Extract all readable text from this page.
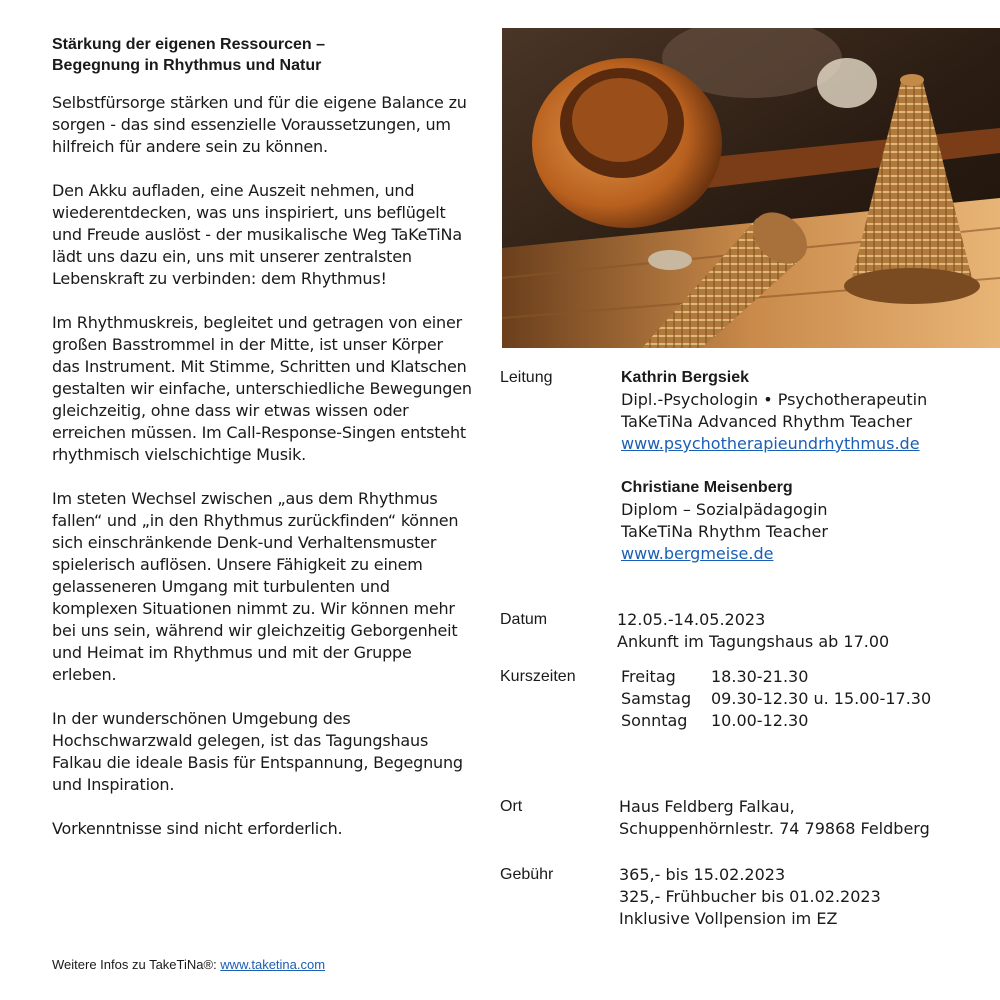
Stärkung der eigenen Ressourcen –
Begegnung in Rhythmus und Natur

Selbstfürsorge stärken und für die eigene Balance zu sorgen - das sind essenzielle Voraussetzungen, um hilfreich für andere sein zu können.

Den Akku aufladen, eine Auszeit nehmen, und wiederentdecken, was uns inspiriert, uns beflügelt und Freude auslöst - der musikalische Weg TaKeTiNa lädt uns dazu ein, uns mit unserer zentralsten Lebenskraft zu verbinden: dem Rhythmus!

Im Rhythmuskreis, begleitet und getragen von einer großen Basstrommel in der Mitte, ist unser Körper das Instrument. Mit Stimme, Schritten und Klatschen gestalten wir einfache, unterschiedliche Bewegungen gleichzeitig, ohne dass wir etwas wissen oder erreichen müssen. Im Call-Response-Singen entsteht rhythmisch vielschichtige Musik.

Im steten Wechsel zwischen „aus dem Rhythmus fallen“ und „in den Rhythmus zurückfinden“ können sich einschränkende Denk-und Verhaltensmuster spielerisch auflösen. Unsere Fähigkeit zu einem gelasseneren Umgang mit turbulenten und komplexen Situationen nimmt zu. Wir können mehr bei uns sein, während wir gleichzeitig Geborgenheit und Heimat im Rhythmus und mit der Gruppe erleben.

In der wunderschönen Umgebung des Hochschwarzwald gelegen, ist das Tagungshaus Falkau die ideale Basis für Entspannung, Begegnung und Inspiration.

Vorkenntnisse sind nicht erforderlich.

Weitere Infos zu TakeTiNa®: www.taketina.com
Leitung	Kathrin Bergsiek
Dipl.-Psychologin • Psychotherapeutin
TaKeTiNa Advanced Rhythm Teacher
www.psychotherapieundrhythmus.de
Christiane Meisenberg
Diplom – Sozialpädagogin
TaKeTiNa Rhythm Teacher
www.bergmeise.de
Datum	12.05.-14.05.2023
Ankunft im Tagungshaus ab 17.00
Kurszeiten	Freitag	18.30-21.30
Samstag	09.30-12.30 u. 15.00-17.30
Sonntag	10.00-12.30
Ort	Haus Feldberg Falkau,
Schuppenhörnlestr. 74 79868 Feldberg
Gebühr	365,- bis 15.02.2023
325,- Frühbucher bis 01.02.2023
Inklusive Vollpension im EZ
